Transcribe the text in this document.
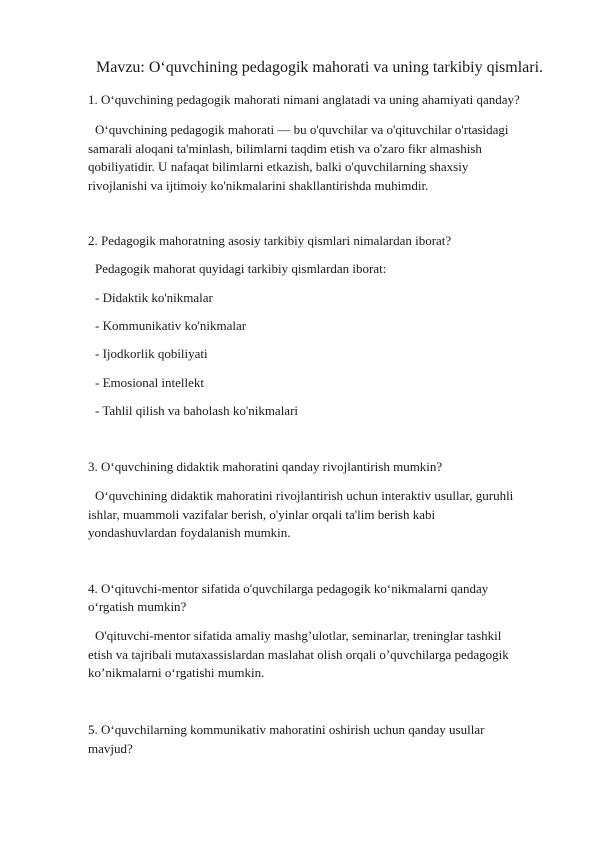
Mavzu: O‘quvchining pedagogik mahorati va uning tarkibiy qismlari.
1. O‘quvchining pedagogik mahorati nimani anglatadi va uning ahamiyati qanday?
O‘quvchining pedagogik mahorati — bu o'quvchilar va o'qituvchilar o'rtasidagi
samarali aloqani ta'minlash, bilimlarni taqdim etish va o'zaro fikr almashish
qobiliyatidir. U nafaqat bilimlarni etkazish, balki o'quvchilarning shaxsiy
rivojlanishi va ijtimoiy ko'nikmalarini shakllantirishda muhimdir.
2. Pedagogik mahoratning asosiy tarkibiy qismlari nimalardan iborat?
Pedagogik mahorat quyidagi tarkibiy qismlardan iborat:
- Didaktik ko'nikmalar
- Kommunikativ ko'nikmalar
- Ijodkorlik qobiliyati
- Emosional intellekt
- Tahlil qilish va baholash ko'nikmalari
3. O‘quvchining didaktik mahoratini qanday rivojlantirish mumkin?
O‘quvchining didaktik mahoratini rivojlantirish uchun interaktiv usullar, guruhli
ishlar, muammoli vazifalar berish, o'yinlar orqali ta'lim berish kabi
yondashuvlardan foydalanish mumkin.
4. O‘qituvchi-mentor sifatida o'quvchilarga pedagogik ko‘nikmalarni qanday
o‘rgatish mumkin?
O'qituvchi-mentor sifatida amaliy mashg’ulotlar, seminarlar, treninglar tashkil
etish va tajribali mutaxassislardan maslahat olish orqali o’quvchilarga pedagogik
ko’nikmalarni o‘rgatishi mumkin.
5. O‘quvchilarning kommunikativ mahoratini oshirish uchun qanday usullar
mavjud?
